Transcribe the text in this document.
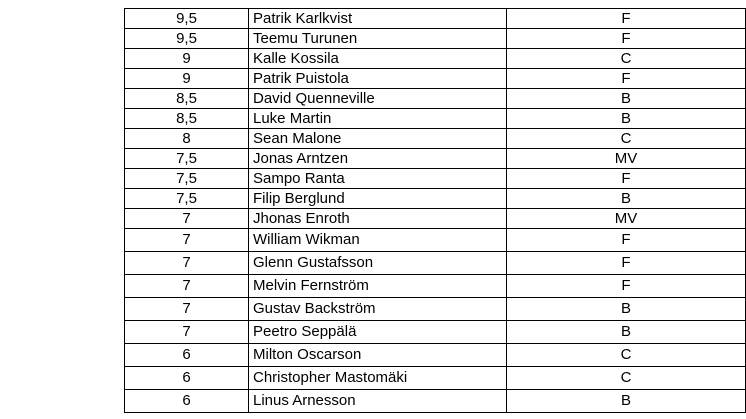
9,5	Patrik Karlkvist	F
9,5	Teemu Turunen	F
9	Kalle Kossila	C
9	Patrik Puistola	F
8,5	David Quenneville	B
8,5	Luke Martin	B
8	Sean Malone	C
7,5	Jonas Arntzen	MV
7,5	Sampo Ranta	F
7,5	Filip Berglund	B
7	Jhonas Enroth	MV
7	William Wikman	F
7	Glenn Gustafsson	F
7	Melvin Fernström	F
7	Gustav Backström	B
7	Peetro Seppälä	B
6	Milton Oscarson	C
6	Christopher Mastomäki	C
6	Linus Arnesson	B
